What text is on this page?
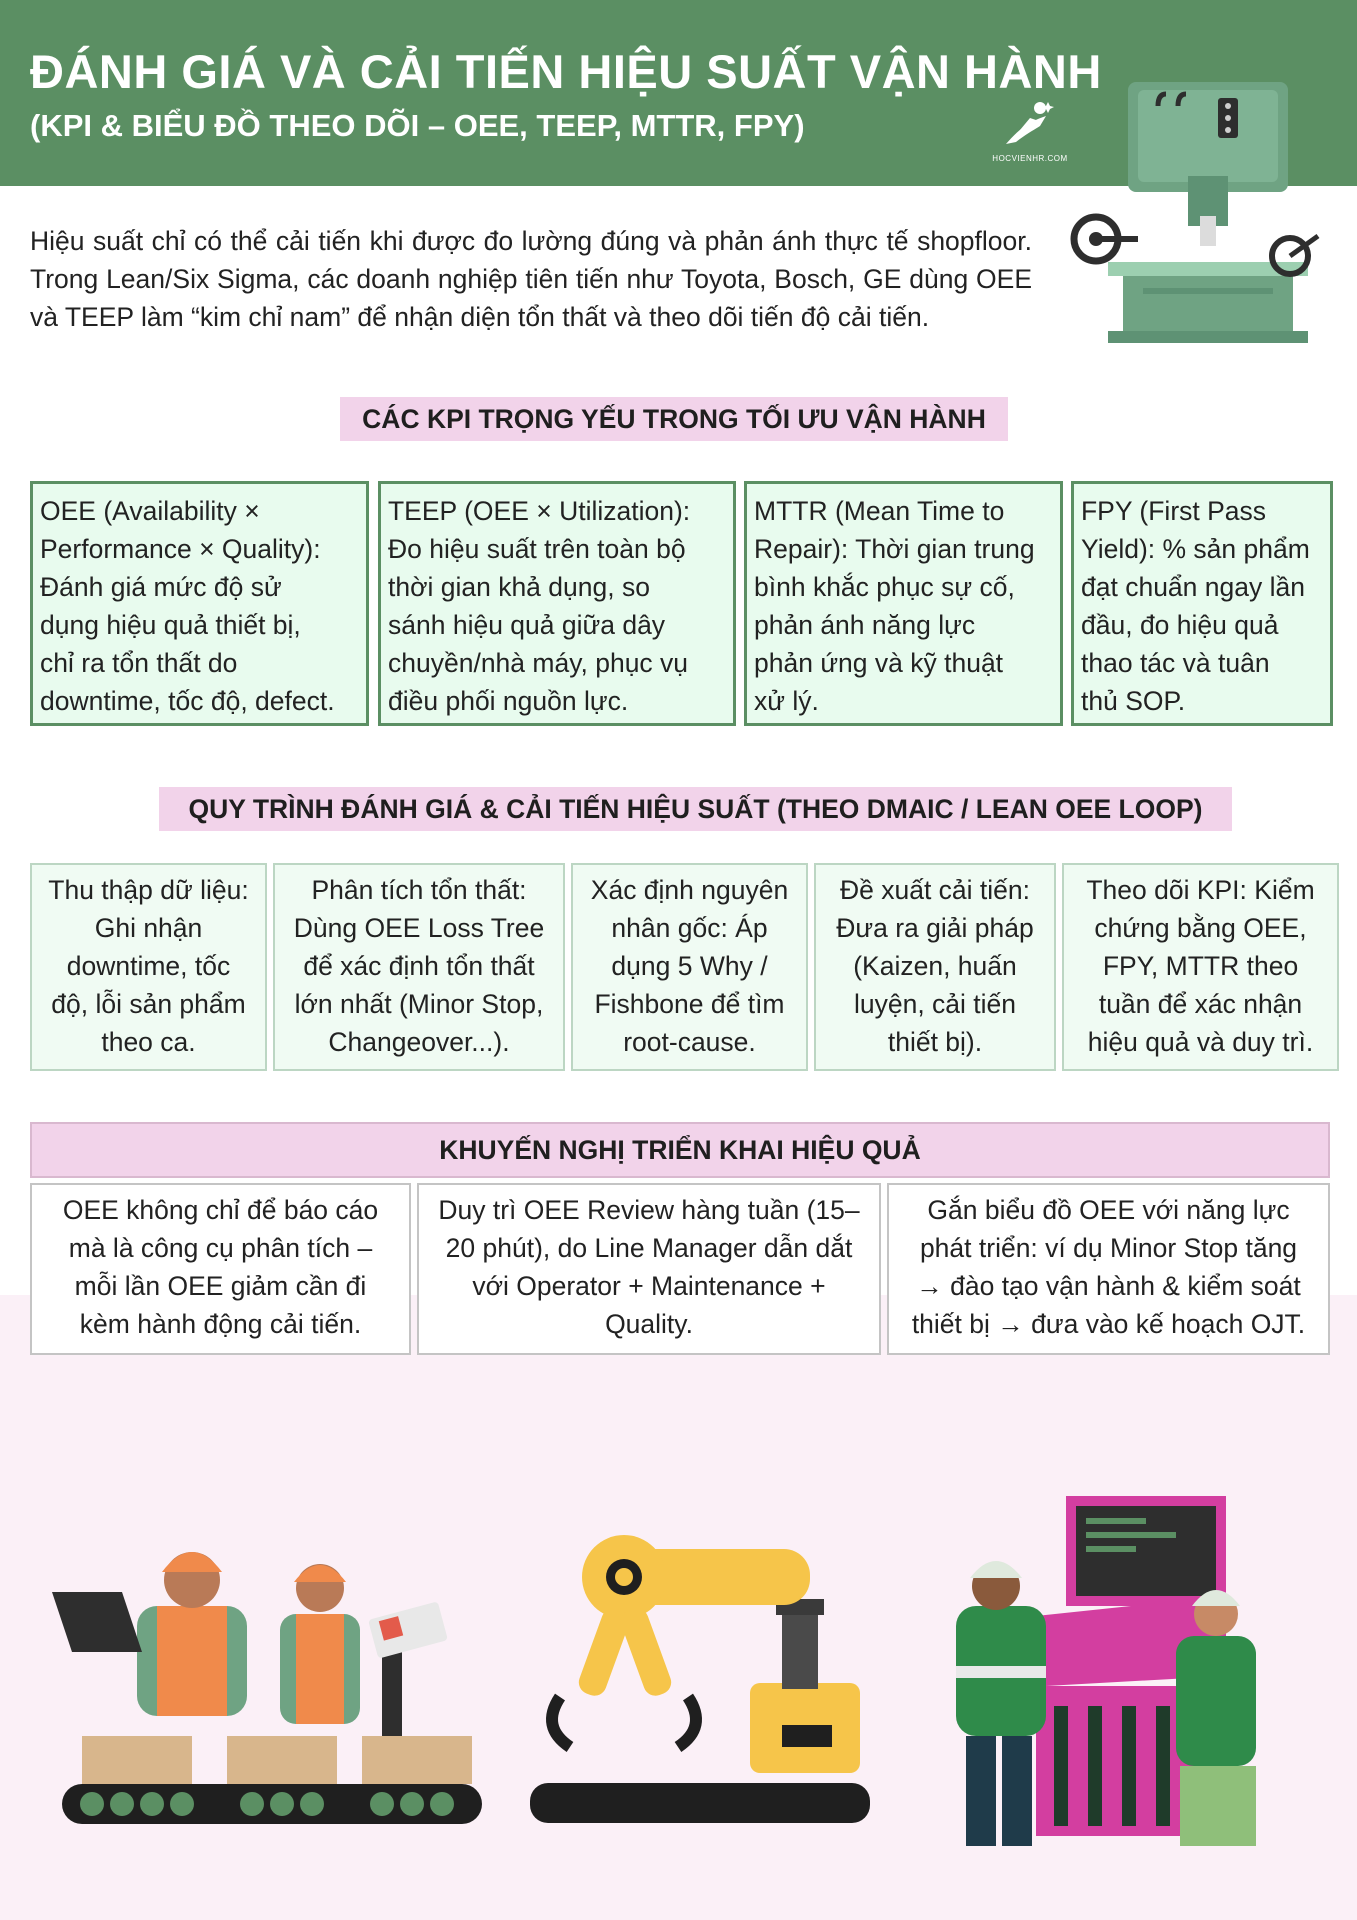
ĐÁNH GIÁ VÀ CẢI TIẾN HIỆU SUẤT VẬN HÀNH
(KPI & BIỂU ĐỒ THEO DÕI – OEE, TEEP, MTTR, FPY)
HOCVIENHR.COM
Hiệu suất chỉ có thể cải tiến khi được đo lường đúng và phản ánh thực tế shopfloor. Trong Lean/Six Sigma, các doanh nghiệp tiên tiến như Toyota, Bosch, GE dùng OEE và TEEP làm “kim chỉ nam” để nhận diện tổn thất và theo dõi tiến độ cải tiến.
CÁC KPI TRỌNG YẾU TRONG TỐI ƯU VẬN HÀNH
OEE (Availability ×
Performance × Quality):
Đánh giá mức độ sử
dụng hiệu quả thiết bị,
chỉ ra tổn thất do
downtime, tốc độ, defect.
TEEP (OEE × Utilization):
Đo hiệu suất trên toàn bộ
thời gian khả dụng, so
sánh hiệu quả giữa dây
chuyền/nhà máy, phục vụ
điều phối nguồn lực.
MTTR (Mean Time to
Repair): Thời gian trung
bình khắc phục sự cố,
phản ánh năng lực
phản ứng và kỹ thuật
xử lý.
FPY (First Pass
Yield): % sản phẩm
đạt chuẩn ngay lần
đầu, đo hiệu quả
thao tác và tuân
thủ SOP.
QUY TRÌNH ĐÁNH GIÁ & CẢI TIẾN HIỆU SUẤT (THEO DMAIC / LEAN OEE LOOP)
Thu thập dữ liệu:
Ghi nhận
downtime, tốc
độ, lỗi sản phẩm
theo ca.
Phân tích tổn thất:
Dùng OEE Loss Tree
để xác định tổn thất
lớn nhất (Minor Stop,
Changeover...).
Xác định nguyên
nhân gốc: Áp
dụng 5 Why /
Fishbone để tìm
root-cause.
Đề xuất cải tiến:
Đưa ra giải pháp
(Kaizen, huấn
luyện, cải tiến
thiết bị).
Theo dõi KPI: Kiểm
chứng bằng OEE,
FPY, MTTR theo
tuần để xác nhận
hiệu quả và duy trì.
KHUYẾN NGHỊ TRIỂN KHAI HIỆU QUẢ
OEE không chỉ để báo cáo
mà là công cụ phân tích –
mỗi lần OEE giảm cần đi
kèm hành động cải tiến.
Duy trì OEE Review hàng tuần (15–
20 phút), do Line Manager dẫn dắt
với Operator + Maintenance +
Quality.
Gắn biểu đồ OEE với năng lực
phát triển: ví dụ Minor Stop tăng
→ đào tạo vận hành & kiểm soát
thiết bị → đưa vào kế hoạch OJT.
